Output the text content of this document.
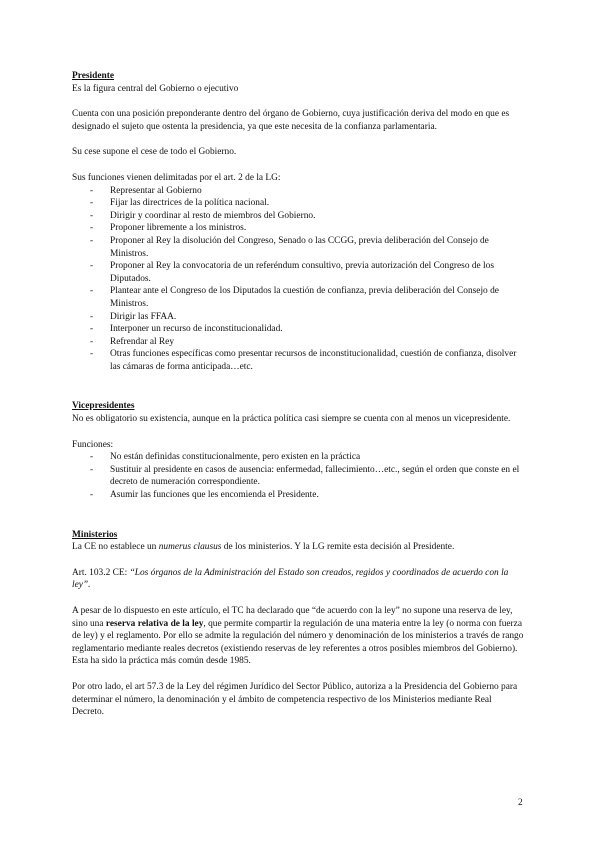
Presidente

Es la figura central del Gobierno o ejecutivo

Cuenta con una posición preponderante dentro del órgano de Gobierno, cuya justificación deriva del modo en que es designado el sujeto que ostenta la presidencia, ya que este necesita de la confianza parlamentaria.

Su cese supone el cese de todo el Gobierno.

Sus funciones vienen delimitadas por el art. 2 de la LG:

- Representar al Gobierno
- Fijar las directrices de la política nacional.
- Dirigir y coordinar al resto de miembros del Gobierno.
- Proponer libremente a los ministros.
- Proponer al Rey la disolución del Congreso, Senado o las CCGG, previa deliberación del Consejo de Ministros.
- Proponer al Rey la convocatoria de un referéndum consultivo, previa autorización del Congreso de los Diputados.
- Plantear ante el Congreso de los Diputados la cuestión de confianza, previa deliberación del Consejo de Ministros.
- Dirigir las FFAA.
- Interponer un recurso de inconstitucionalidad.
- Refrendar al Rey
- Otras funciones específicas como presentar recursos de inconstitucionalidad, cuestión de confianza, disolver las cámaras de forma anticipada…etc.

Vicepresidentes

No es obligatorio su existencia, aunque en la práctica política casi siempre se cuenta con al menos un vicepresidente.

Funciones:

- No están definidas constitucionalmente, pero existen en la práctica
- Sustituir al presidente en casos de ausencia: enfermedad, fallecimiento…etc., según el orden que conste en el decreto de numeración correspondiente.
- Asumir las funciones que les encomienda el Presidente.

Ministerios

La CE no establece un numerus clausus de los ministerios. Y la LG remite esta decisión al Presidente.

Art. 103.2 CE: “Los órganos de la Administración del Estado son creados, regidos y coordinados de acuerdo con la ley”.

A pesar de lo dispuesto en este artículo, el TC ha declarado que “de acuerdo con la ley” no supone una reserva de ley, sino una reserva relativa de la ley, que permite compartir la regulación de una materia entre la ley (o norma con fuerza de ley) y el reglamento. Por ello se admite la regulación del número y denominación de los ministerios a través de rango reglamentario mediante reales decretos (existiendo reservas de ley referentes a otros posibles miembros del Gobierno). Esta ha sido la práctica más común desde 1985.

Por otro lado, el art 57.3 de la Ley del régimen Jurídico del Sector Público, autoriza a la Presidencia del Gobierno para determinar el número, la denominación y el ámbito de competencia respectivo de los Ministerios mediante Real Decreto.

2
